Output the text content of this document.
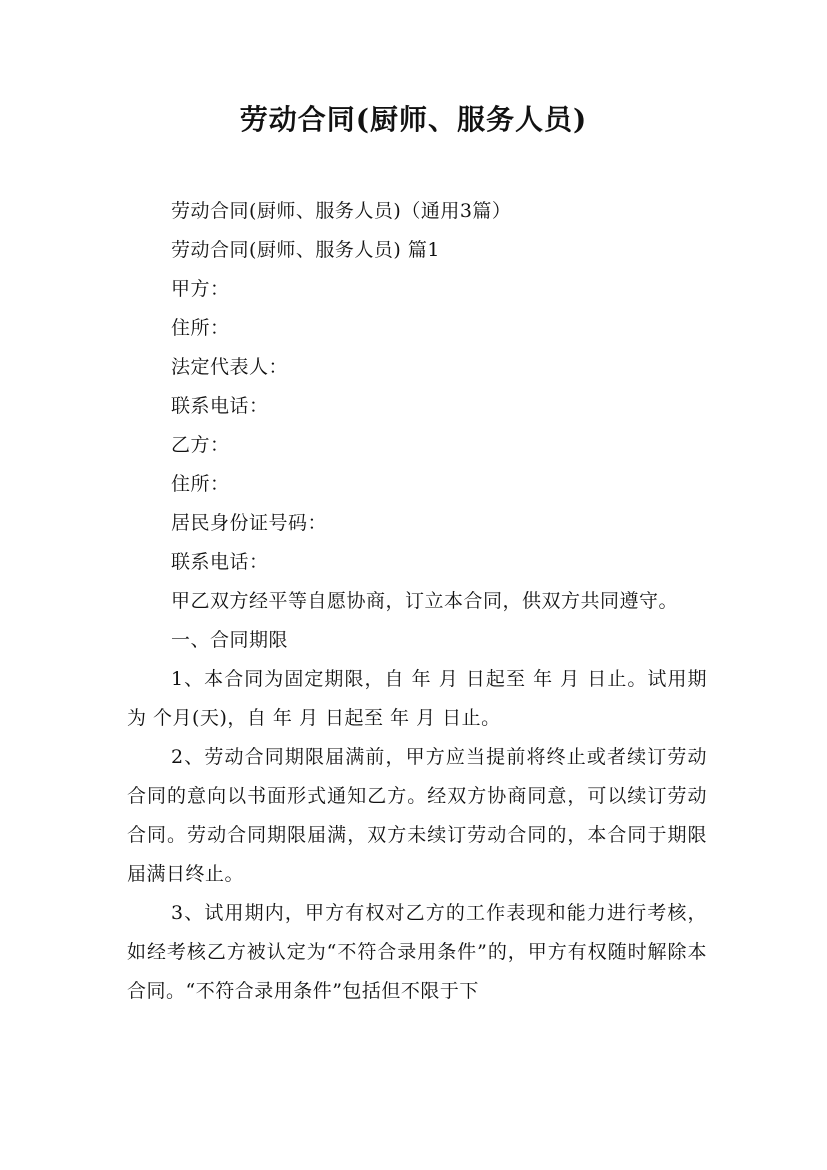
劳动合同(厨师、服务人员)

劳动合同(厨师、服务人员)（通用3篇）

劳动合同(厨师、服务人员) 篇1

甲方：

住所：

法定代表人：

联系电话：

乙方：

住所：

居民身份证号码：

联系电话：

甲乙双方经平等自愿协商，订立本合同，供双方共同遵守。

一、合同期限

1、本合同为固定期限，自 年 月 日起至 年 月 日止。试用期为 个月(天)，自 年 月 日起至 年 月 日止。

2、劳动合同期限届满前，甲方应当提前将终止或者续订劳动合同的意向以书面形式通知乙方。经双方协商同意，可以续订劳动合同。劳动合同期限届满，双方未续订劳动合同的，本合同于期限届满日终止。

3、试用期内，甲方有权对乙方的工作表现和能力进行考核，如经考核乙方被认定为“不符合录用条件”的，甲方有权随时解除本合同。“不符合录用条件”包括但不限于下
